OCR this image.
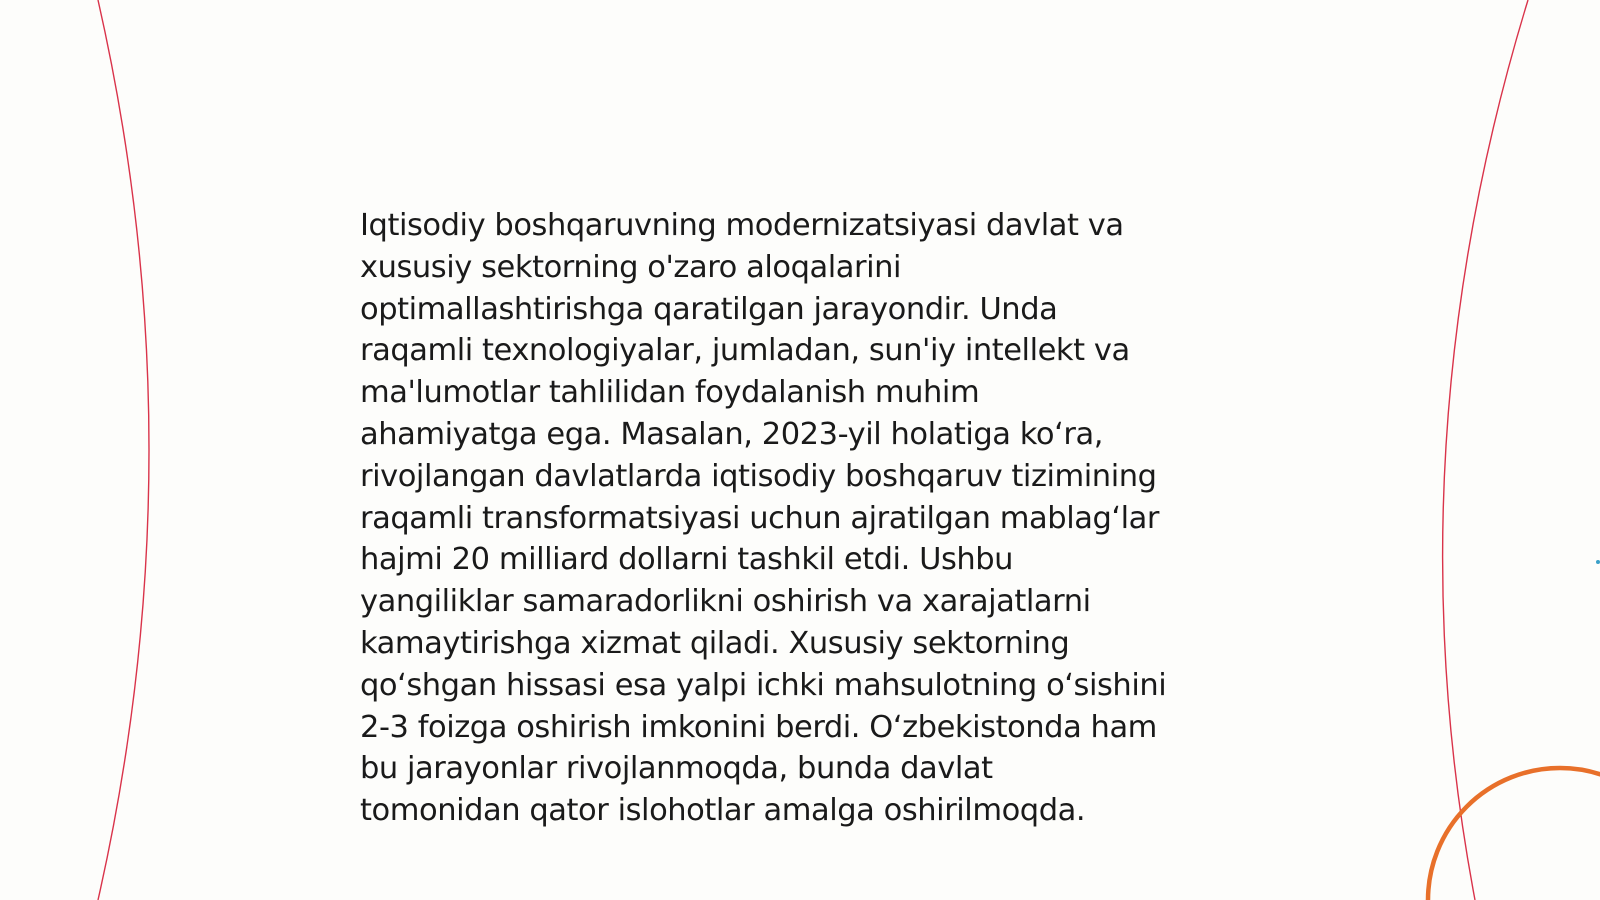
Iqtisodiy boshqaruvning modernizatsiyasi davlat va
xususiy sektorning o'zaro aloqalarini
optimallashtirishga qaratilgan jarayondir. Unda
raqamli texnologiyalar, jumladan, sun'iy intellekt va
ma'lumotlar tahlilidan foydalanish muhim
ahamiyatga ega. Masalan, 2023-yil holatiga ko‘ra,
rivojlangan davlatlarda iqtisodiy boshqaruv tizimining
raqamli transformatsiyasi uchun ajratilgan mablag‘lar
hajmi 20 milliard dollarni tashkil etdi. Ushbu
yangiliklar samaradorlikni oshirish va xarajatlarni
kamaytirishga xizmat qiladi. Xususiy sektorning
qo‘shgan hissasi esa yalpi ichki mahsulotning o‘sishini
2-3 foizga oshirish imkonini berdi. O‘zbekistonda ham
bu jarayonlar rivojlanmoqda, bunda davlat
tomonidan qator islohotlar amalga oshirilmoqda.
